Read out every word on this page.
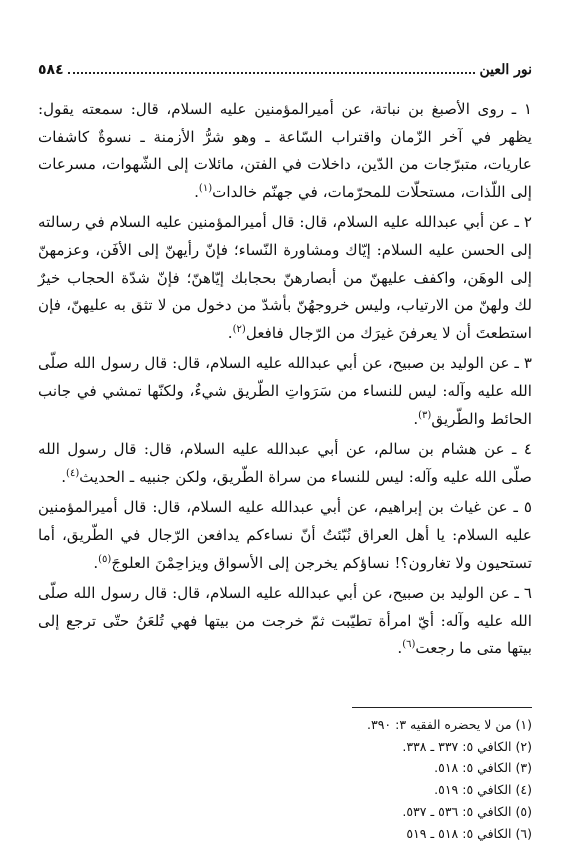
نور العين
٥٨٤

١ ـ روى الأصبغ بن نباتة، عن أميرالمؤمنين عليه السلام، قال: سمعته يقول: يظهر في آخر الزّمان واقتراب السّاعة ـ وهو شرُّ الأزمنة ـ نسوةٌ كاشفات عاريات، متبرّجات من الدّين، داخلات في الفتن، مائلات إلى الشّهوات، مسرعات إلى اللّذات، مستحلّات للمحرّمات، في جهنّم خالدات$^{(١)}$.

٢ ـ عن أبي عبدالله عليه السلام، قال: قال أميرالمؤمنين عليه السلام في رسالته إلى الحسن عليه السلام: إيّاك ومشاورة النّساء؛ فإنّ رأيهنّ إلى الأفَن، وعزمهنّ إلى الوهَن، واكفف عليهنّ من أبصارهنّ بحجابك إيّاهنّ؛ فإنّ شدّة الحجاب خيرٌ لك ولهنّ من الارتياب، وليس خروجهُنّ بأشدّ من دخول من لا تثق به عليهنّ، فإن استطعتَ أن لا يعرفنَ غيرَك من الرّجال فافعل$^{(٢)}$.

٣ ـ عن الوليد بن صبيح، عن أبي عبدالله عليه السلام، قال: قال رسول الله صلّى الله عليه وآله: ليس للنساء من سَرَواتِ الطّريق شيءٌ، ولكنّها تمشي في جانب الحائط والطّريق$^{(٣)}$.

٤ ـ عن هشام بن سالم، عن أبي عبدالله عليه السلام، قال: قال رسول الله صلّى الله عليه وآله: ليس للنساء من سراة الطّريق، ولكن جنبيه ـ الحديث$^{(٤)}$.

٥ ـ عن غياث بن إبراهيم، عن أبي عبدالله عليه السلام، قال: قال أميرالمؤمنين عليه السلام: يا أهل العراق نُبّئتُ أنّ نساءكم يدافعن الرّجال في الطّريق، أما تستحيون ولا تغارون؟! نساؤكم يخرجن إلى الأسواق ويزاحِمْنَ العلوجَ$^{(٥)}$.

٦ ـ عن الوليد بن صبيح، عن أبي عبدالله عليه السلام، قال: قال رسول الله صلّى الله عليه وآله: أيّ امرأة تطيّبت ثمّ خرجت من بيتها فهي تُلعَنُ حتّى ترجع إلى بيتها متى ما رجعت$^{(٦)}$.

(١) من لا يحضره الفقيه ٣: ٣٩٠.

(٢) الكافي ٥: ٣٣٧ ـ ٣٣٨.

(٣) الكافي ٥: ٥١٨.

(٤) الكافي ٥: ٥١٩.

(٥) الكافي ٥: ٥٣٦ ـ ٥٣٧.

(٦) الكافي ٥: ٥١٨ ـ ٥١٩
